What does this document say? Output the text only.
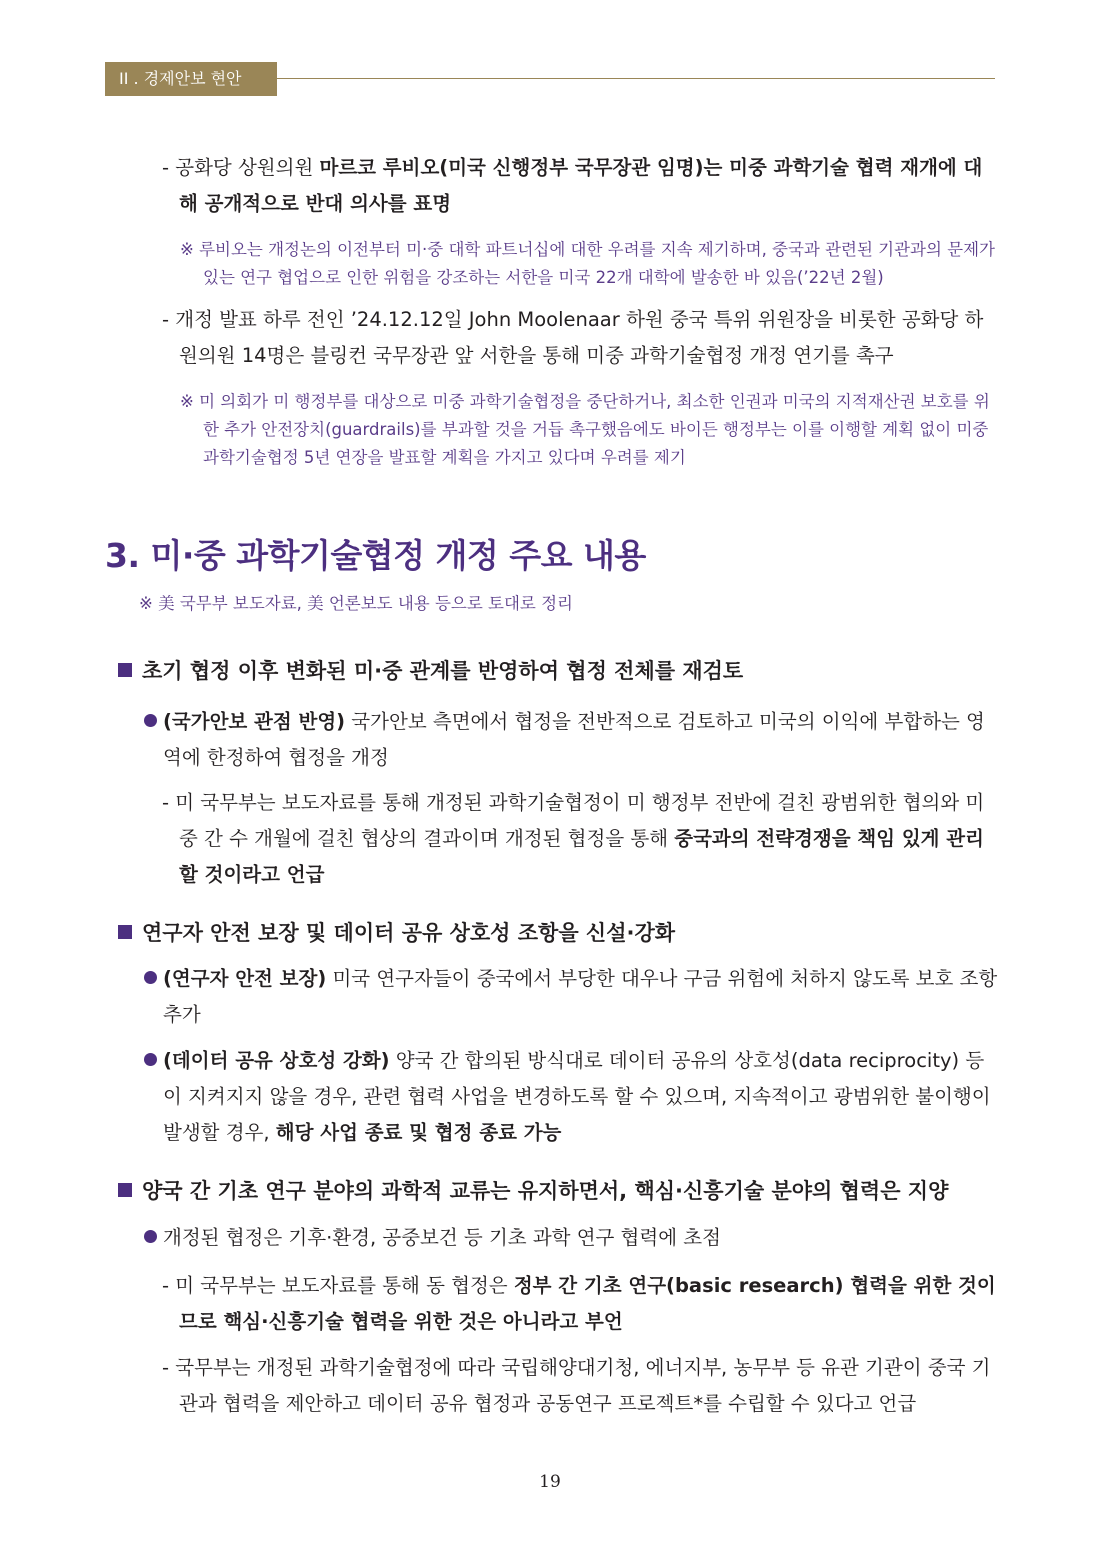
II . 경제안보 현안
- 공화당 상원의원 마르코 루비오(미국 신행정부 국무장관 임명)는 미중 과학기술 협력 재개에 대해 공개적으로 반대 의사를 표명
※ 루비오는 개정논의 이전부터 미·중 대학 파트너십에 대한 우려를 지속 제기하며, 중국과 관련된 기관과의 문제가 있는 연구 협업으로 인한 위험을 강조하는 서한을 미국 22개 대학에 발송한 바 있음(’22년 2월)
- 개정 발표 하루 전인 ’24.12.12일 John Moolenaar 하원 중국 특위 위원장을 비롯한 공화당 하원의원 14명은 블링컨 국무장관 앞 서한을 통해 미중 과학기술협정 개정 연기를 촉구
※ 미 의회가 미 행정부를 대상으로 미중 과학기술협정을 중단하거나, 최소한 인권과 미국의 지적재산권 보호를 위한 추가 안전장치(guardrails)를 부과할 것을 거듭 촉구했음에도 바이든 행정부는 이를 이행할 계획 없이 미중 과학기술협정 5년 연장을 발표할 계획을 가지고 있다며 우려를 제기
3. 미·중 과학기술협정 개정 주요 내용
※ 美 국무부 보도자료, 美 언론보도 내용 등으로 토대로 정리
초기 협정 이후 변화된 미·중 관계를 반영하여 협정 전체를 재검토
(국가안보 관점 반영) 국가안보 측면에서 협정을 전반적으로 검토하고 미국의 이익에 부합하는 영역에 한정하여 협정을 개정
- 미 국무부는 보도자료를 통해 개정된 과학기술협정이 미 행정부 전반에 걸친 광범위한 협의와 미중 간 수 개월에 걸친 협상의 결과이며 개정된 협정을 통해 중국과의 전략경쟁을 책임 있게 관리할 것이라고 언급
연구자 안전 보장 및 데이터 공유 상호성 조항을 신설·강화
(연구자 안전 보장) 미국 연구자들이 중국에서 부당한 대우나 구금 위험에 처하지 않도록 보호 조항 추가
(데이터 공유 상호성 강화) 양국 간 합의된 방식대로 데이터 공유의 상호성(data reciprocity) 등이 지켜지지 않을 경우, 관련 협력 사업을 변경하도록 할 수 있으며, 지속적이고 광범위한 불이행이 발생할 경우, 해당 사업 종료 및 협정 종료 가능
양국 간 기초 연구 분야의 과학적 교류는 유지하면서, 핵심·신흥기술 분야의 협력은 지양
개정된 협정은 기후·환경, 공중보건 등 기초 과학 연구 협력에 초점
- 미 국무부는 보도자료를 통해 동 협정은 정부 간 기초 연구(basic research) 협력을 위한 것이므로 핵심·신흥기술 협력을 위한 것은 아니라고 부언
- 국무부는 개정된 과학기술협정에 따라 국립해양대기청, 에너지부, 농무부 등 유관 기관이 중국 기관과 협력을 제안하고 데이터 공유 협정과 공동연구 프로젝트*를 수립할 수 있다고 언급
19
